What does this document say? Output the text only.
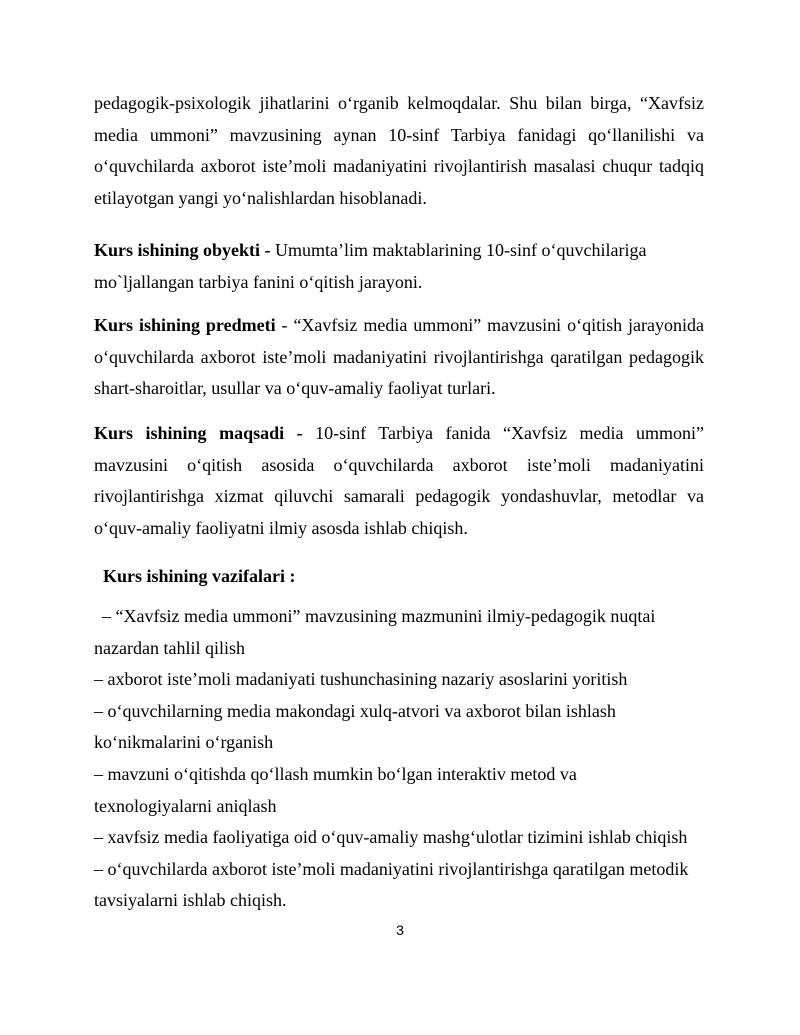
pedagogik-psixologik jihatlarini o‘rganib kelmoqdalar. Shu bilan birga, “Xavfsiz media ummoni” mavzusining aynan 10-sinf Tarbiya fanidagi qo‘llanilishi va o‘quvchilarda axborot iste’moli madaniyatini rivojlantirish masalasi chuqur tadqiq etilayotgan yangi yo‘nalishlardan hisoblanadi.

Kurs ishining obyekti - Umumta’lim maktablarining 10-sinf o‘quvchilariga
mo`ljallangan tarbiya fanini o‘qitish jarayoni.

Kurs ishining predmeti - “Xavfsiz media ummoni” mavzusini o‘qitish jarayonida o‘quvchilarda axborot iste’moli madaniyatini rivojlantirishga qaratilgan pedagogik shart-sharoitlar, usullar va o‘quv-amaliy faoliyat turlari.

Kurs ishining maqsadi - 10-sinf Tarbiya fanida “Xavfsiz media ummoni” mavzusini o‘qitish asosida o‘quvchilarda axborot iste’moli madaniyatini rivojlantirishga xizmat qiluvchi samarali pedagogik yondashuvlar, metodlar va o‘quv-amaliy faoliyatni ilmiy asosda ishlab chiqish.

Kurs ishining vazifalari :

– “Xavfsiz media ummoni” mavzusining mazmunini ilmiy-pedagogik nuqtai
nazardan tahlil qilish
– axborot iste’moli madaniyati tushunchasining nazariy asoslarini yoritish
– o‘quvchilarning media makondagi xulq-atvori va axborot bilan ishlash
ko‘nikmalarini o‘rganish
– mavzuni o‘qitishda qo‘llash mumkin bo‘lgan interaktiv metod va
texnologiyalarni aniqlash
– xavfsiz media faoliyatiga oid o‘quv-amaliy mashg‘ulotlar tizimini ishlab chiqish
– o‘quvchilarda axborot iste’moli madaniyatini rivojlantirishga qaratilgan metodik
tavsiyalarni ishlab chiqish.
3
